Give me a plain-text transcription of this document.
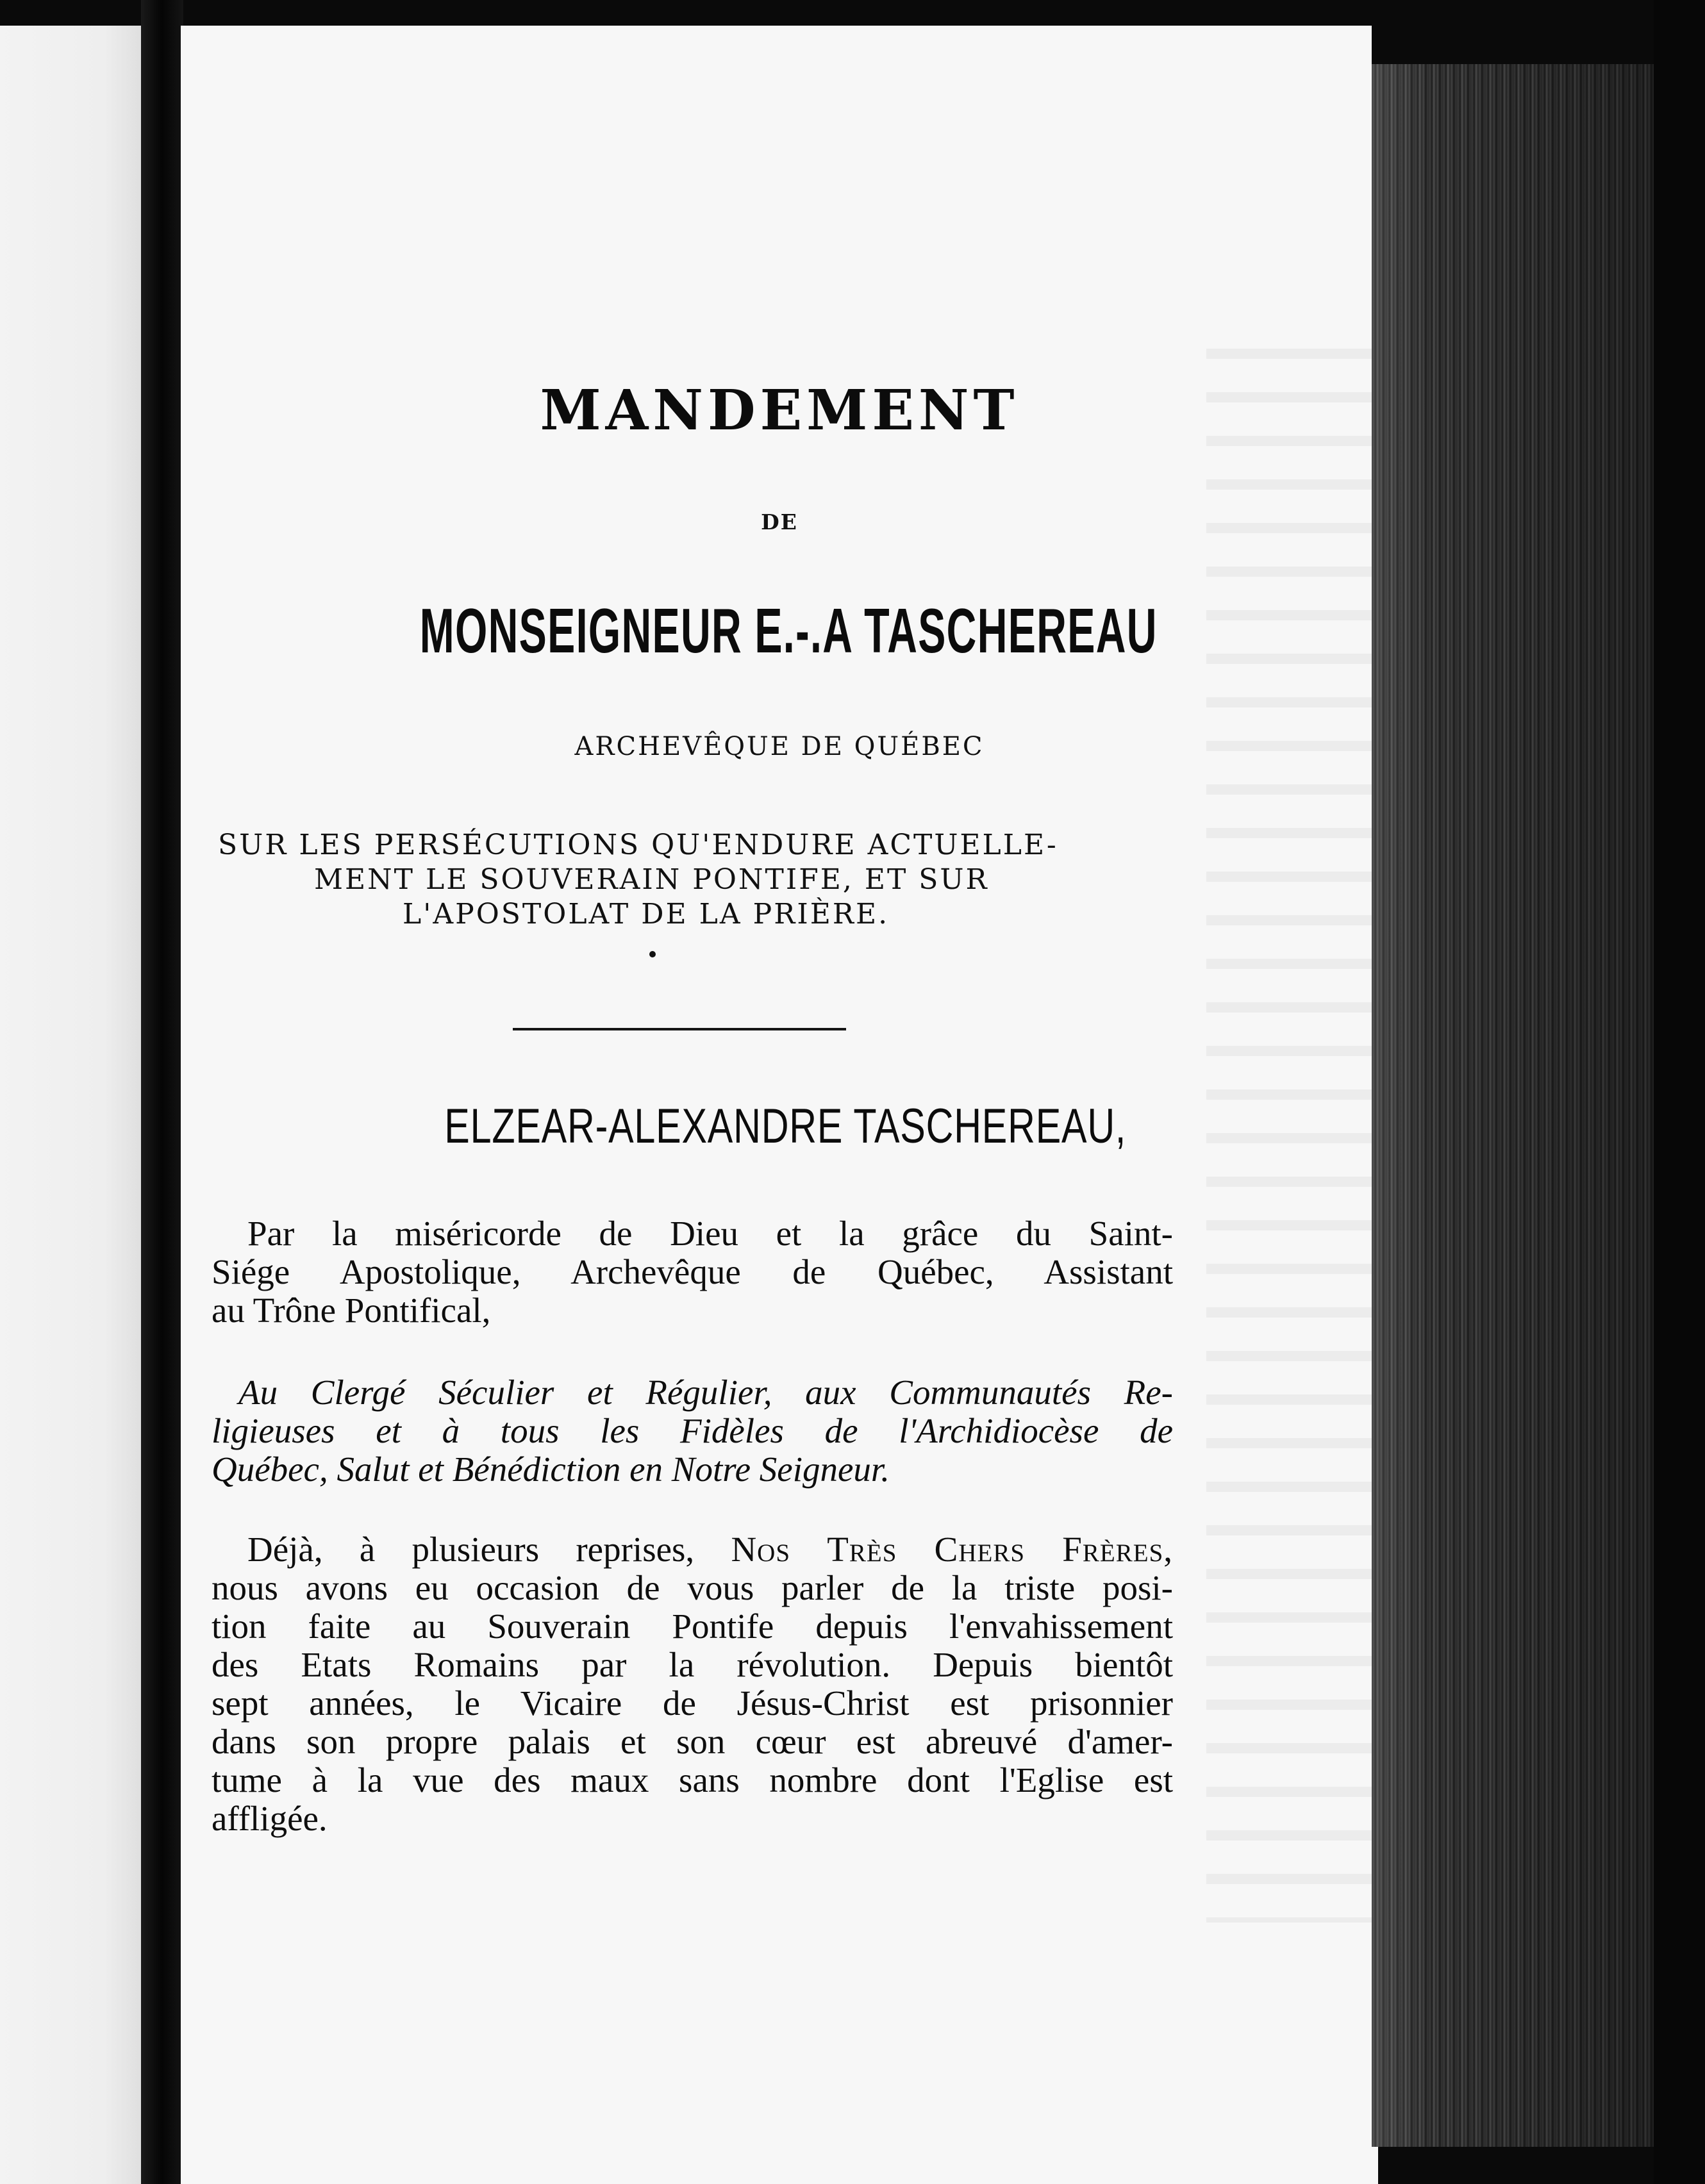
MANDEMENT
DE
MONSEIGNEUR E.-.A TASCHEREAU
ARCHEVÊQUE DE QUÉBEC
SUR LES PERSÉCUTIONS QU'ENDURE ACTUELLE-
MENT LE SOUVERAIN PONTIFE, ET SUR
L'APOSTOLAT DE LA PRIÈRE.
ELZEAR-ALEXANDRE TASCHEREAU,
Par la miséricorde de Dieu et la grâce du Saint-
Siége Apostolique, Archevêque de Québec, Assistant
au Trône Pontifical,
Au Clergé Séculier et Régulier, aux Communautés Re-
ligieuses et à tous les Fidèles de l'Archidiocèse de
Québec, Salut et Bénédiction en Notre Seigneur.
Déjà, à plusieurs reprises, Nos Très Chers Frères,
nous avons eu occasion de vous parler de la triste posi-
tion faite au Souverain Pontife depuis l'envahissement
des Etats Romains par la révolution. Depuis bientôt
sept années, le Vicaire de Jésus-Christ est prisonnier
dans son propre palais et son cœur est abreuvé d'amer-
tume à la vue des maux sans nombre dont l'Eglise est
affligée.
